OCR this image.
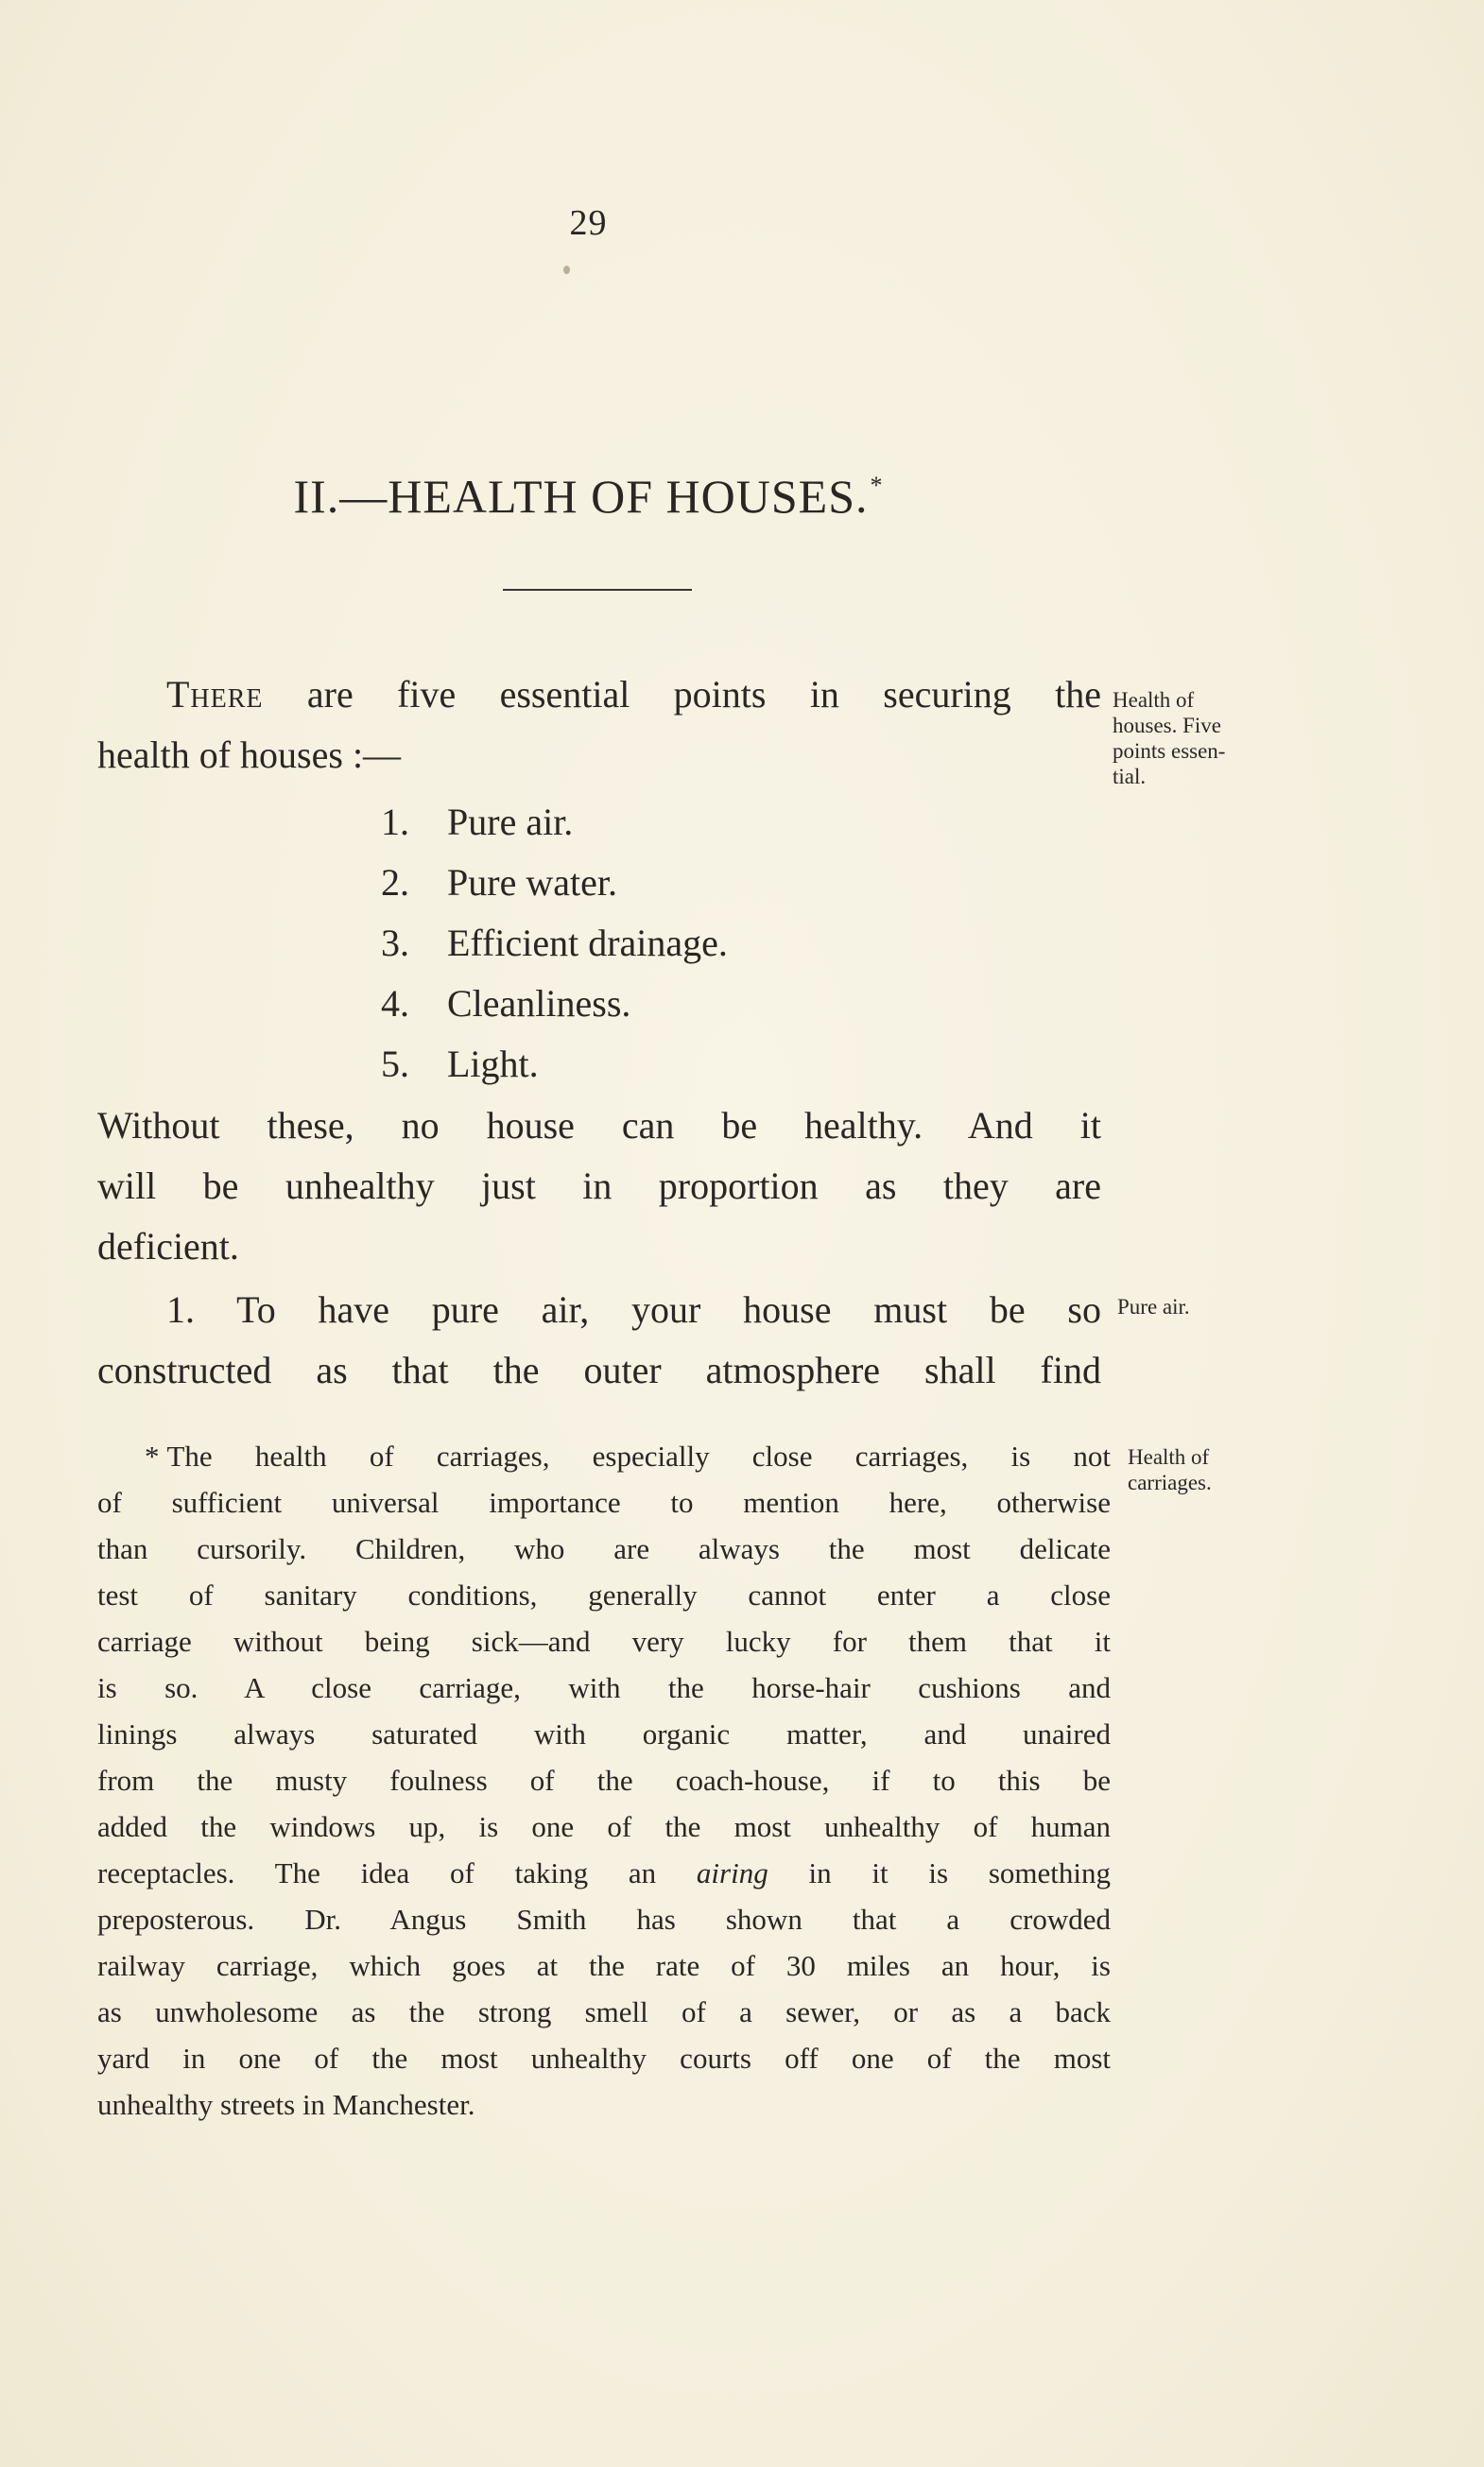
29
II.—HEALTH OF HOUSES.*
There are five essential points in securing the
health of houses :—
1. Pure air.
2. Pure water.
3. Efficient drainage.
4. Cleanliness.
5. Light.
Without these, no house can be healthy. And it
will be unhealthy just in proportion as they are
deficient.
1. To have pure air, your house must be so
constructed as that the outer atmosphere shall find
Health of
houses. Five
points essen-
tial.
Pure air.
Health of
carriages.
* The health of carriages, especially close carriages, is not
of sufficient universal importance to mention here, otherwise
than cursorily. Children, who are always the most delicate
test of sanitary conditions, generally cannot enter a close
carriage without being sick—and very lucky for them that it
is so. A close carriage, with the horse-hair cushions and
linings always saturated with organic matter, and unaired
from the musty foulness of the coach-house, if to this be
added the windows up, is one of the most unhealthy of human
receptacles. The idea of taking an airing in it is something
preposterous. Dr. Angus Smith has shown that a crowded
railway carriage, which goes at the rate of 30 miles an hour, is
as unwholesome as the strong smell of a sewer, or as a back
yard in one of the most unhealthy courts off one of the most
unhealthy streets in Manchester.
